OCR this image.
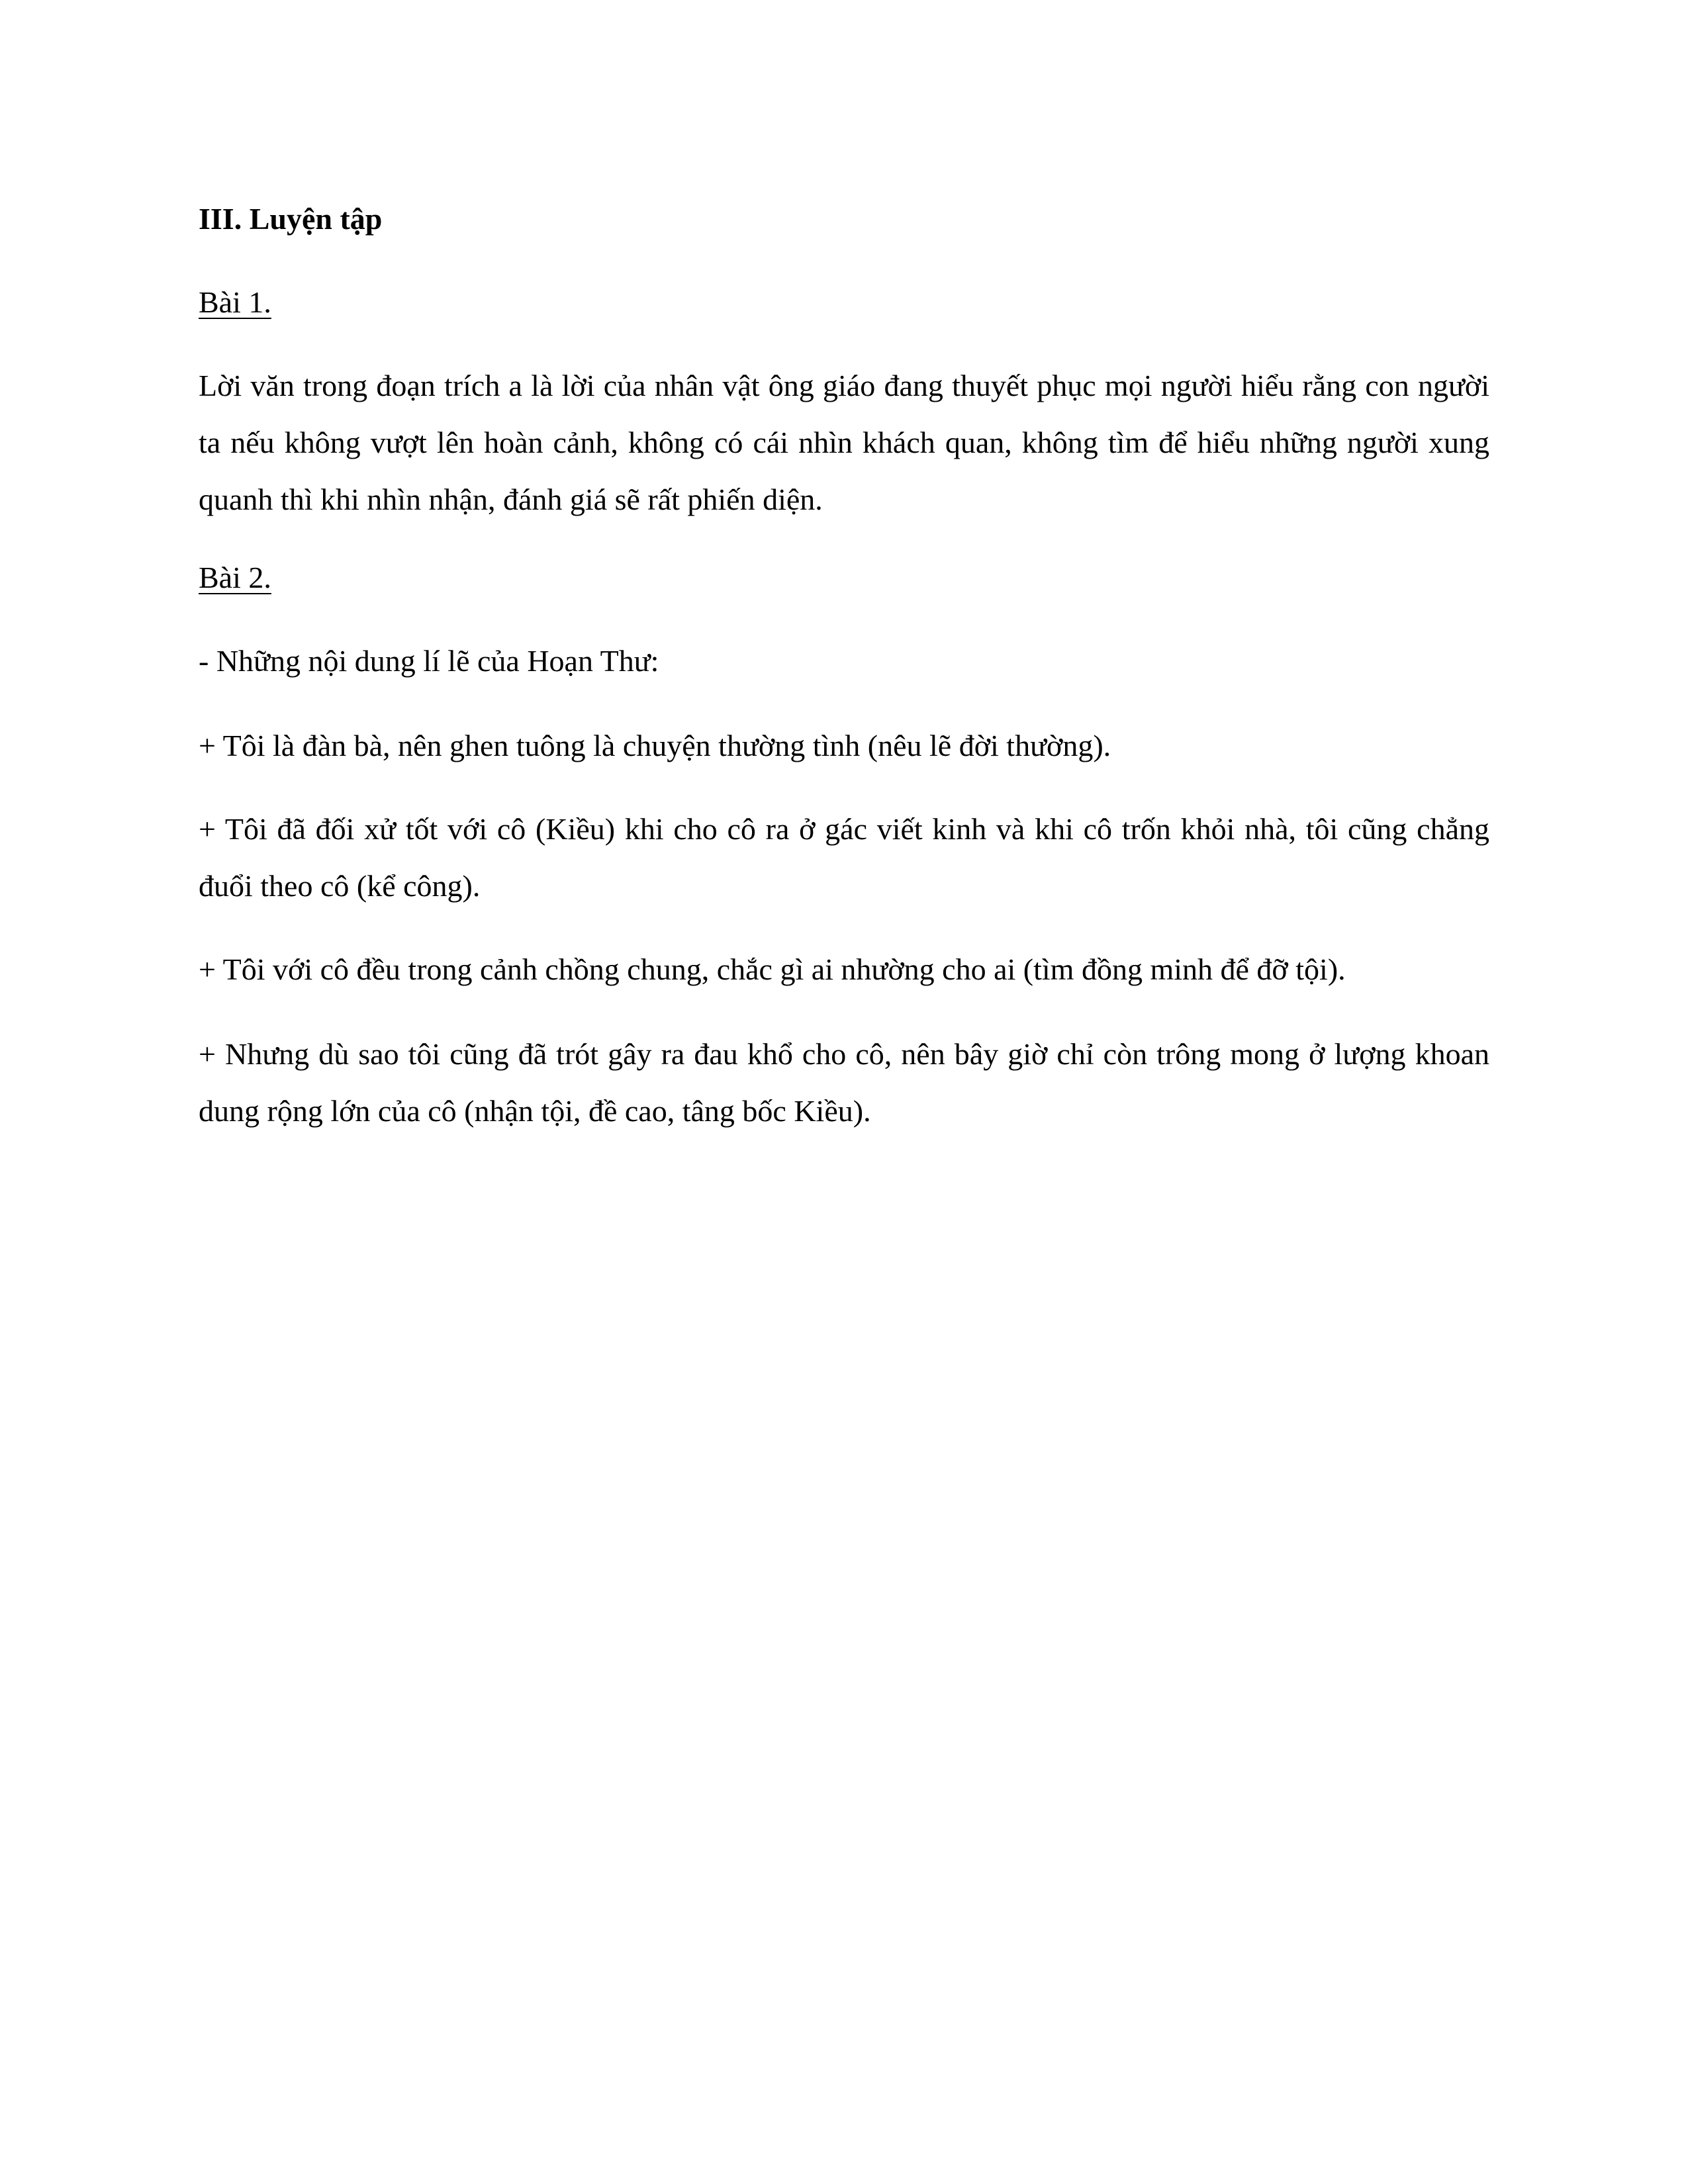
III. Luyện tập

Bài 1.

Lời văn trong đoạn trích a là lời của nhân vật ông giáo đang thuyết phục mọi người hiểu rằng con người ta nếu không vượt lên hoàn cảnh, không có cái nhìn khách quan, không tìm để hiểu những người xung quanh thì khi nhìn nhận, đánh giá sẽ rất phiến diện.

Bài 2.

- Những nội dung lí lẽ của Hoạn Thư:

+ Tôi là đàn bà, nên ghen tuông là chuyện thường tình (nêu lẽ đời thường).

+ Tôi đã đối xử tốt với cô (Kiều) khi cho cô ra ở gác viết kinh và khi cô trốn khỏi nhà, tôi cũng chẳng đuổi theo cô (kể công).

+ Tôi với cô đều trong cảnh chồng chung, chắc gì ai nhường cho ai (tìm đồng minh để đỡ tội).

+ Nhưng dù sao tôi cũng đã trót gây ra đau khổ cho cô, nên bây giờ chỉ còn trông mong ở lượng khoan dung rộng lớn của cô (nhận tội, đề cao, tâng bốc Kiều).
